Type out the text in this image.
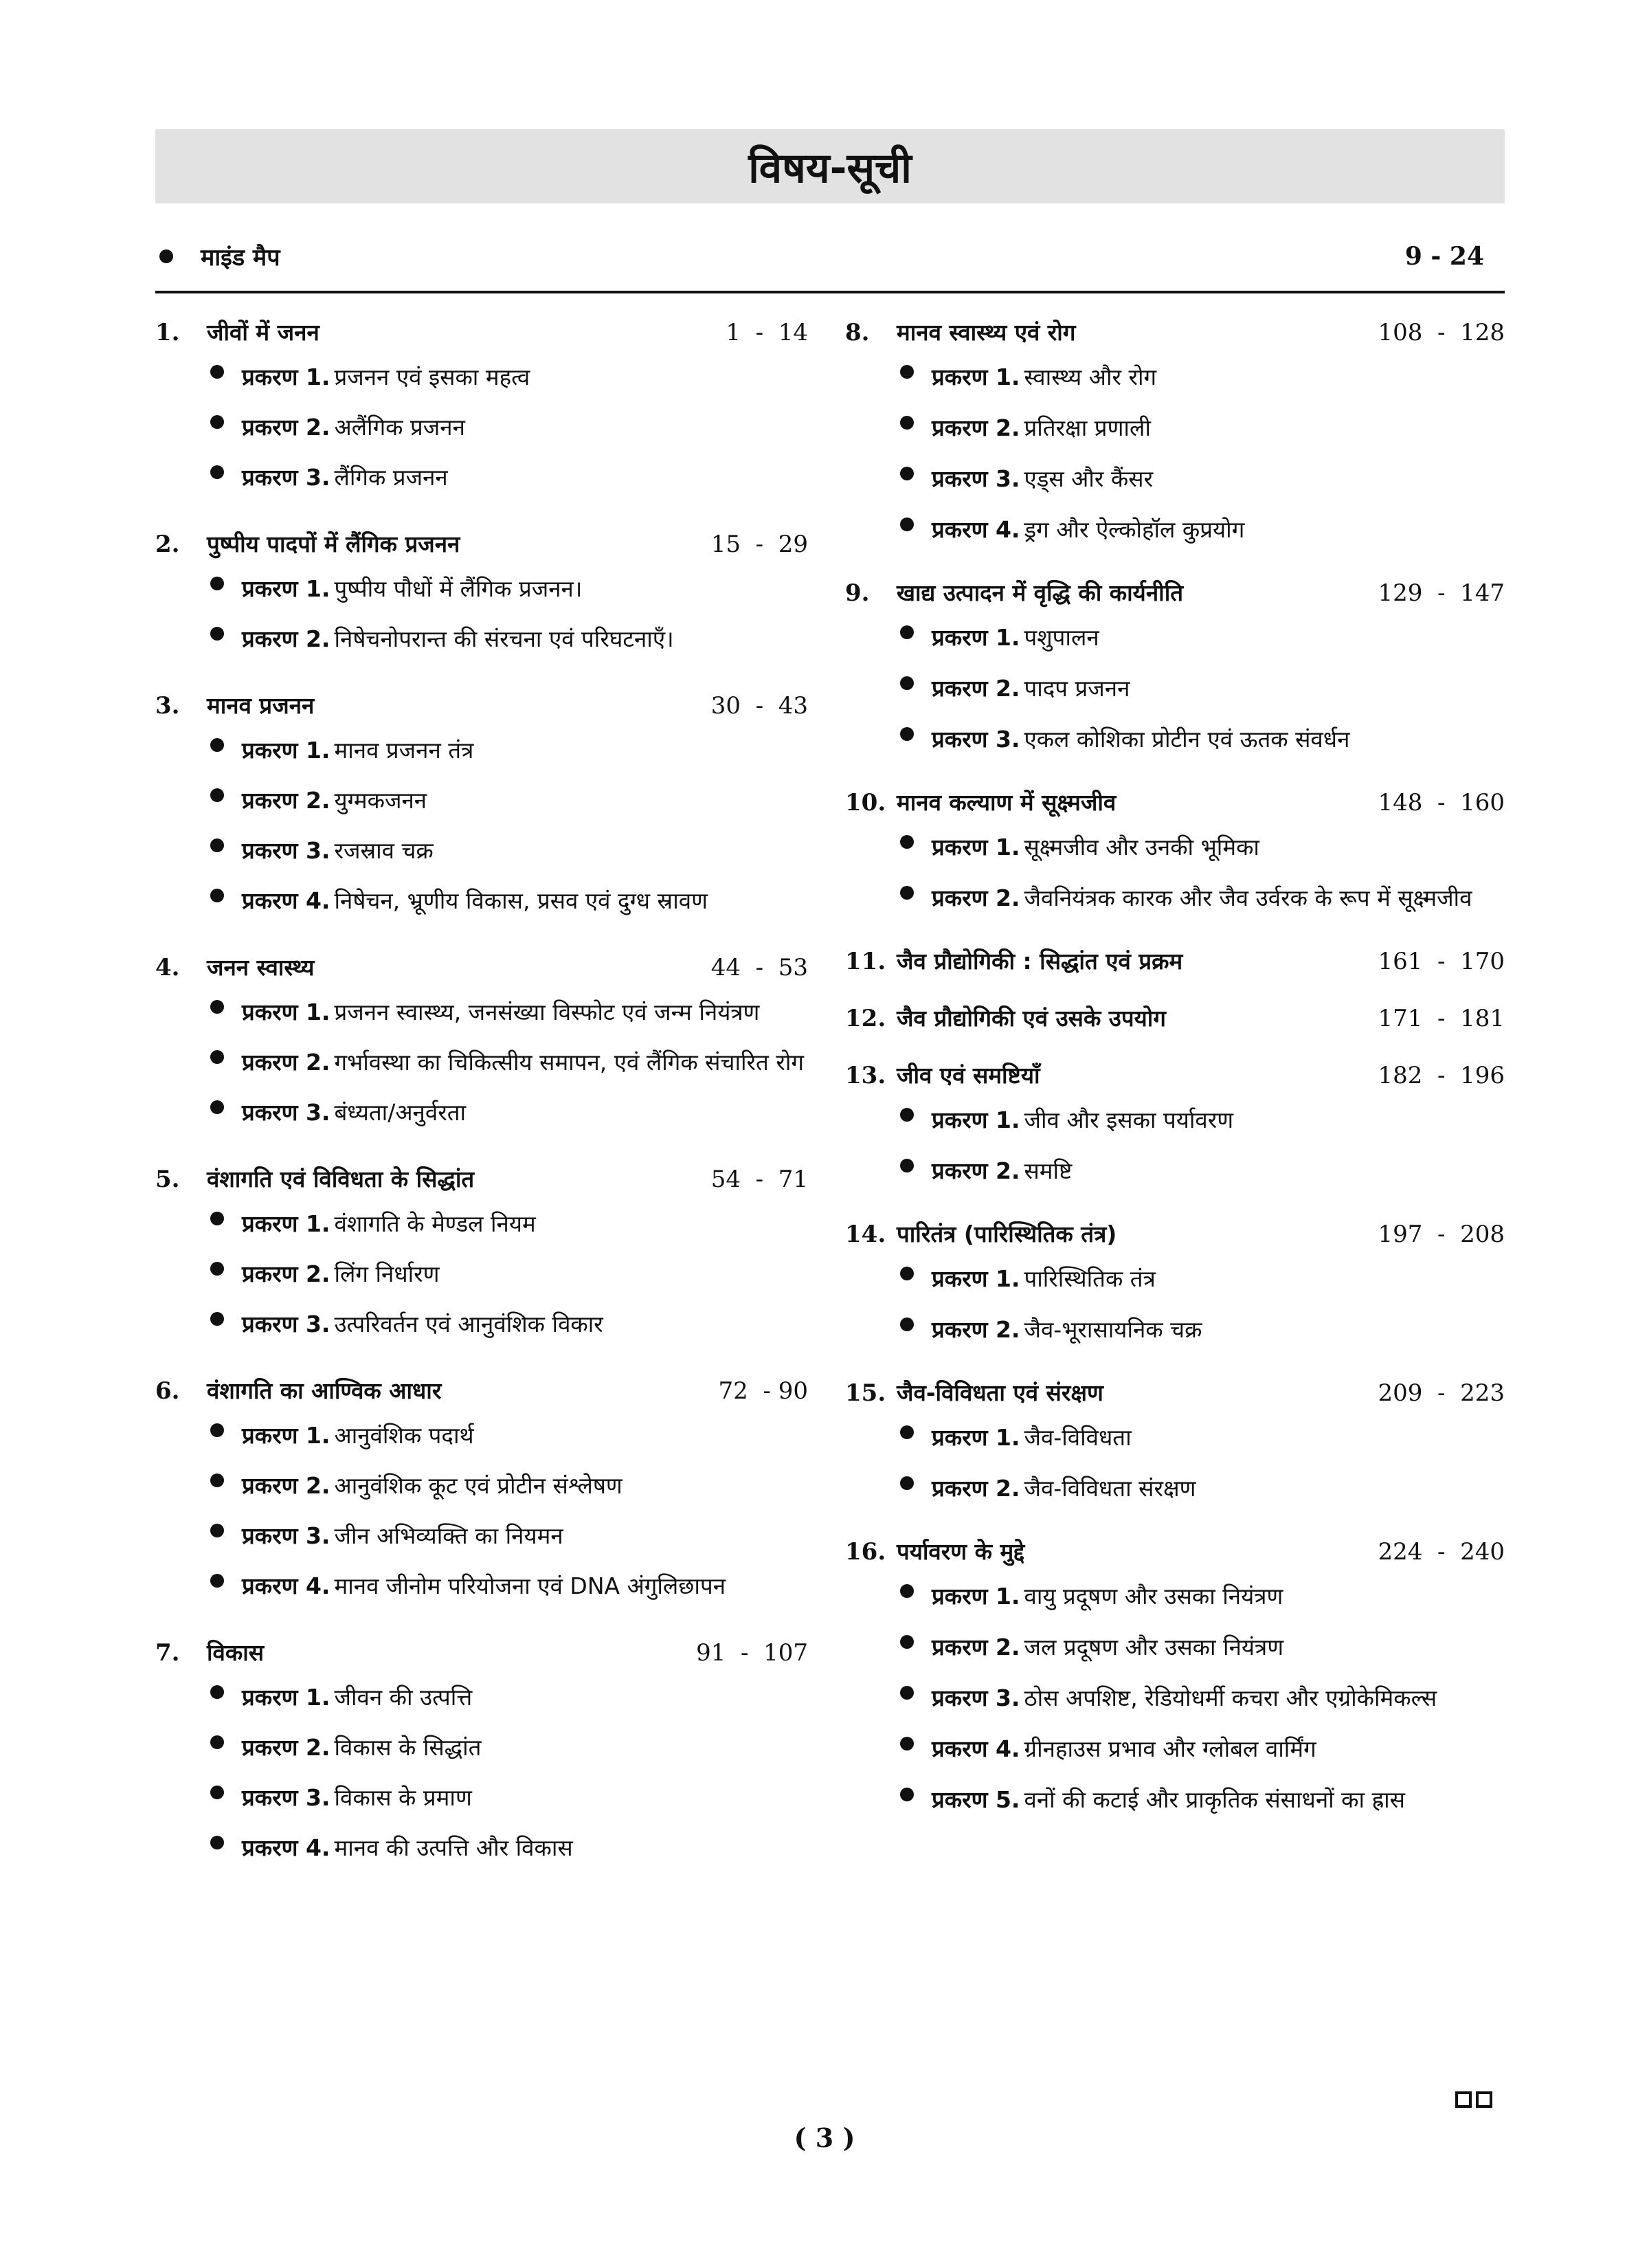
विषय-सूची
माइंड मैप	9 - 24
1.	जीवों में जनन	1  -  14
प्रकरण 1. प्रजनन एवं इसका महत्व
प्रकरण 2. अलैंगिक प्रजनन
प्रकरण 3. लैंगिक प्रजनन
2.	पुष्पीय पादपों में लैंगिक प्रजनन	15  -  29
प्रकरण 1. पुष्पीय पौधों में लैंगिक प्रजनन।
प्रकरण 2. निषेचनोपरान्त की संरचना एवं परिघटनाएँ।
3.	मानव प्रजनन	30  -  43
प्रकरण 1. मानव प्रजनन तंत्र
प्रकरण 2. युग्मकजनन
प्रकरण 3. रजस्राव चक्र
प्रकरण 4. निषेचन, भ्रूणीय विकास, प्रसव एवं दुग्ध स्रावण
4.	जनन स्वास्थ्य	44  -  53
प्रकरण 1. प्रजनन स्वास्थ्य, जनसंख्या विस्फोट एवं जन्म नियंत्रण
प्रकरण 2. गर्भावस्था का चिकित्सीय समापन, एवं लैंगिक संचारित रोग
प्रकरण 3. बंध्यता/अनुर्वरता
5.	वंशागति एवं विविधता के सिद्धांत	54  -  71
प्रकरण 1. वंशागति के मेण्डल नियम
प्रकरण 2. लिंग निर्धारण
प्रकरण 3. उत्परिवर्तन एवं आनुवंशिक विकार
6.	वंशागति का आण्विक आधार	72  - 90
प्रकरण 1. आनुवंशिक पदार्थ
प्रकरण 2. आनुवंशिक कूट एवं प्रोटीन संश्लेषण
प्रकरण 3. जीन अभिव्यक्ति का नियमन
प्रकरण 4. मानव जीनोम परियोजना एवं DNA अंगुलिछापन
7.	विकास	91  -  107
प्रकरण 1. जीवन की उत्पत्ति
प्रकरण 2. विकास के सिद्धांत
प्रकरण 3. विकास के प्रमाण
प्रकरण 4. मानव की उत्पत्ति और विकास
8.	मानव स्वास्थ्य एवं रोग	108  -  128
प्रकरण 1. स्वास्थ्य और रोग
प्रकरण 2. प्रतिरक्षा प्रणाली
प्रकरण 3. एड्स और कैंसर
प्रकरण 4. ड्रग और ऐल्कोहॉल कुप्रयोग
9.	खाद्य उत्पादन में वृद्धि की कार्यनीति	129  -  147
प्रकरण 1. पशुपालन
प्रकरण 2. पादप प्रजनन
प्रकरण 3. एकल कोशिका प्रोटीन एवं ऊतक संवर्धन
10. मानव कल्याण में सूक्ष्मजीव	148  -  160
प्रकरण 1. सूक्ष्मजीव और उनकी भूमिका
प्रकरण 2. जैवनियंत्रक कारक और जैव उर्वरक के रूप में सूक्ष्मजीव
11. जैव प्रौद्योगिकी : सिद्धांत एवं प्रक्रम	161  -  170
12. जैव प्रौद्योगिकी एवं उसके उपयोग	171  -  181
13. जीव एवं समष्टियाँ	182  -  196
प्रकरण 1. जीव और इसका पर्यावरण
प्रकरण 2. समष्टि
14. पारितंत्र (पारिस्थितिक तंत्र)	197  -  208
प्रकरण 1. पारिस्थितिक तंत्र
प्रकरण 2. जैव-भूरासायनिक चक्र
15. जैव-विविधता एवं संरक्षण	209  -  223
प्रकरण 1. जैव-विविधता
प्रकरण 2. जैव-विविधता संरक्षण
16. पर्यावरण के मुद्दे	224  -  240
प्रकरण 1. वायु प्रदूषण और उसका नियंत्रण
प्रकरण 2. जल प्रदूषण और उसका नियंत्रण
प्रकरण 3. ठोस अपशिष्ट, रेडियोधर्मी कचरा और एग्रोकेमिकल्स
प्रकरण 4. ग्रीनहाउस प्रभाव और ग्लोबल वार्मिंग
प्रकरण 5. वनों की कटाई और प्राकृतिक संसाधनों का ह्रास
( 3 )
